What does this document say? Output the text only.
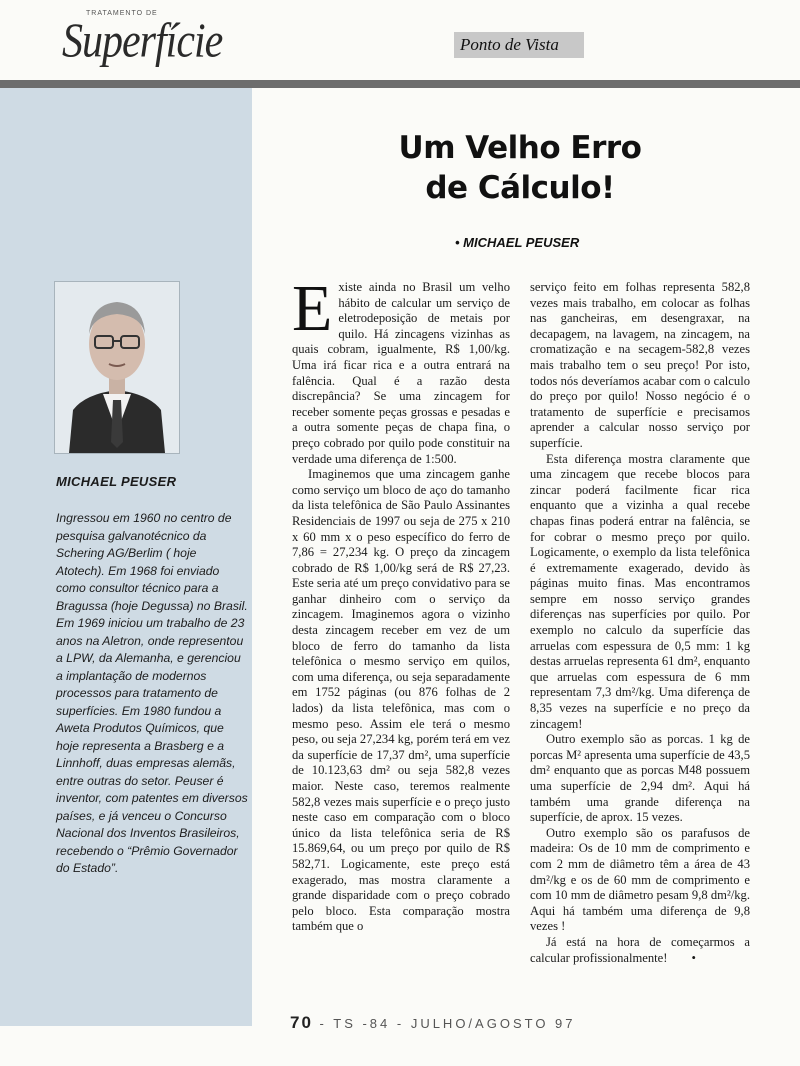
TRATAMENTO DE
Superfície	Ponto de Vista
MICHAEL PEUSER

Ingressou em 1960 no centro de pesquisa galvanotécnico da Schering AG/Berlim ( hoje Atotech). Em 1968 foi enviado como consultor técnico para a Bragussa (hoje Degussa) no Brasil. Em 1969 iniciou um trabalho de 23 anos na Aletron, onde representou a LPW, da Alemanha, e gerenciou a implantação de modernos processos para tratamento de superfícies. Em 1980 fundou a Aweta Produtos Químicos, que hoje representa a Brasberg e a Linnhoff, duas empresas alemãs, entre outras do setor. Peuser é inventor, com patentes em diversos países, e já venceu o Concurso Nacional dos Inventos Brasileiros, recebendo o “Prêmio Governador do Estado”.

Um Velho Erro de Cálculo!
• MICHAEL PEUSER

Existe ainda no Brasil um velho hábito de calcular um serviço de eletrodeposição de metais por quilo. Há zincagens vizinhas as quais cobram, igualmente, R$ 1,00/kg. Uma irá ficar rica e a outra entrará na falência. Qual é a razão desta discrepância? Se uma zincagem for receber somente peças grossas e pesadas e a outra somente peças de chapa fina, o preço cobrado por quilo pode constituir na verdade uma diferença de 1:500.

Imaginemos que uma zincagem ganhe como serviço um bloco de aço do tamanho da lista telefônica de São Paulo Assinantes Residenciais de 1997 ou seja de 275 x 210 x 60 mm x o peso específico do ferro de 7,86 = 27,234 kg. O preço da zincagem cobrado de R$ 1,00/kg será de R$ 27,23. Este seria até um preço convidativo para se ganhar dinheiro com o serviço da zincagem. Imaginemos agora o vizinho desta zincagem receber em vez de um bloco de ferro do tamanho da lista telefônica o mesmo serviço em quilos, com uma diferença, ou seja separadamente em 1752 páginas (ou 876 folhas de 2 lados) da lista telefônica, mas com o mesmo peso. Assim ele terá o mesmo peso, ou seja 27,234 kg, porém terá em vez da superfície de 17,37 dm², uma superfície de 10.123,63 dm² ou seja 582,8 vezes maior. Neste caso, teremos realmente 582,8 vezes mais superfície e o preço justo neste caso em comparação com o bloco único da lista telefônica seria de R$ 15.869,64, ou um preço por quilo de R$ 582,71. Logicamente, este preço está exagerado, mas mostra claramente a grande disparidade com o preço cobrado pelo bloco. Esta comparação mostra também que o

serviço feito em folhas representa 582,8 vezes mais trabalho, em colocar as folhas nas gancheiras, em desengraxar, na decapagem, na lavagem, na zincagem, na cromatização e na secagem-582,8 vezes mais trabalho tem o seu preço! Por isto, todos nós deveríamos acabar com o calculo do preço por quilo! Nosso negócio é o tratamento de superfície e precisamos aprender a calcular nosso serviço por superfície.

Esta diferença mostra claramente que uma zincagem que recebe blocos para zincar poderá facilmente ficar rica enquanto que a vizinha a qual recebe chapas finas poderá entrar na falência, se for cobrar o mesmo preço por quilo. Logicamente, o exemplo da lista telefônica é extremamente exagerado, devido às páginas muito finas. Mas encontramos sempre em nosso serviço grandes diferenças nas superfícies por quilo. Por exemplo no calculo da superfície das arruelas com espessura de 0,5 mm: 1 kg destas arruelas representa 61 dm², enquanto que arruelas com espessura de 6 mm representam 7,3 dm²/kg. Uma diferença de 8,35 vezes na superfície e no preço da zincagem!

Outro exemplo são as porcas. 1 kg de porcas M² apresenta uma superfície de 43,5 dm² enquanto que as porcas M48 possuem uma superfície de 2,94 dm². Aqui há também uma grande diferença na superfície, de aprox. 15 vezes.

Outro exemplo são os parafusos de madeira: Os de 10 mm de comprimento e com 2 mm de diâmetro têm a área de 43 dm²/kg e os de 60 mm de comprimento e com 10 mm de diâmetro pesam 9,8 dm²/kg. Aqui há também uma diferença de 9,8 vezes !

Já está na hora de começarmos a calcular profissionalmente! •

70 - TS -84 - JULHO/AGOSTO 97
